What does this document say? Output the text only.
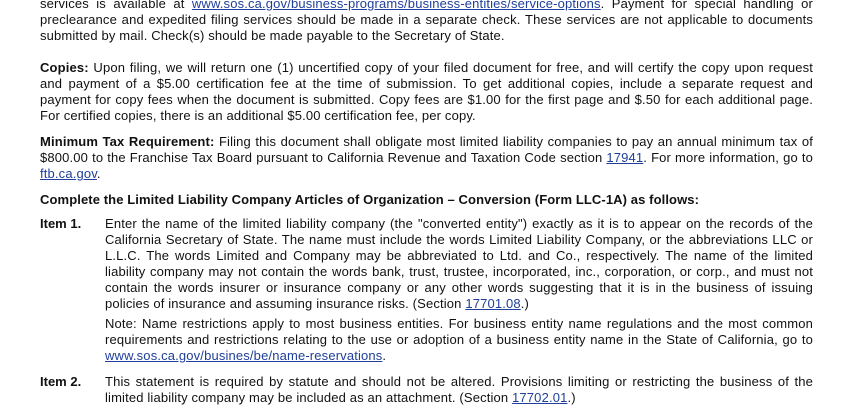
services is available at www.sos.ca.gov/business-programs/business-entities/service-options. Payment for special handling or preclearance and expedited filing services should be made in a separate check. These services are not applicable to documents submitted by mail. Check(s) should be made payable to the Secretary of State.

Copies: Upon filing, we will return one (1) uncertified copy of your filed document for free, and will certify the copy upon request and payment of a $5.00 certification fee at the time of submission. To get additional copies, include a separate request and payment for copy fees when the document is submitted. Copy fees are $1.00 for the first page and $.50 for each additional page. For certified copies, there is an additional $5.00 certification fee, per copy.

Minimum Tax Requirement: Filing this document shall obligate most limited liability companies to pay an annual minimum tax of $800.00 to the Franchise Tax Board pursuant to California Revenue and Taxation Code section 17941. For more information, go to ftb.ca.gov.

Complete the Limited Liability Company Articles of Organization – Conversion (Form LLC-1A) as follows:
Item 1. Enter the name of the limited liability company (the "converted entity") exactly as it is to appear on the records of the California Secretary of State. The name must include the words Limited Liability Company, or the abbreviations LLC or L.L.C. The words Limited and Company may be abbreviated to Ltd. and Co., respectively. The name of the limited liability company may not contain the words bank, trust, trustee, incorporated, inc., corporation, or corp., and must not contain the words insurer or insurance company or any other words suggesting that it is in the business of issuing policies of insurance and assuming insurance risks. (Section 17701.08.)

Note: Name restrictions apply to most business entities. For business entity name regulations and the most common requirements and restrictions relating to the use or adoption of a business entity name in the State of California, go to www.sos.ca.gov/busines/be/name-reservations.

Item 2. This statement is required by statute and should not be altered. Provisions limiting or restricting the business of the limited liability company may be included as an attachment. (Section 17702.01.)
